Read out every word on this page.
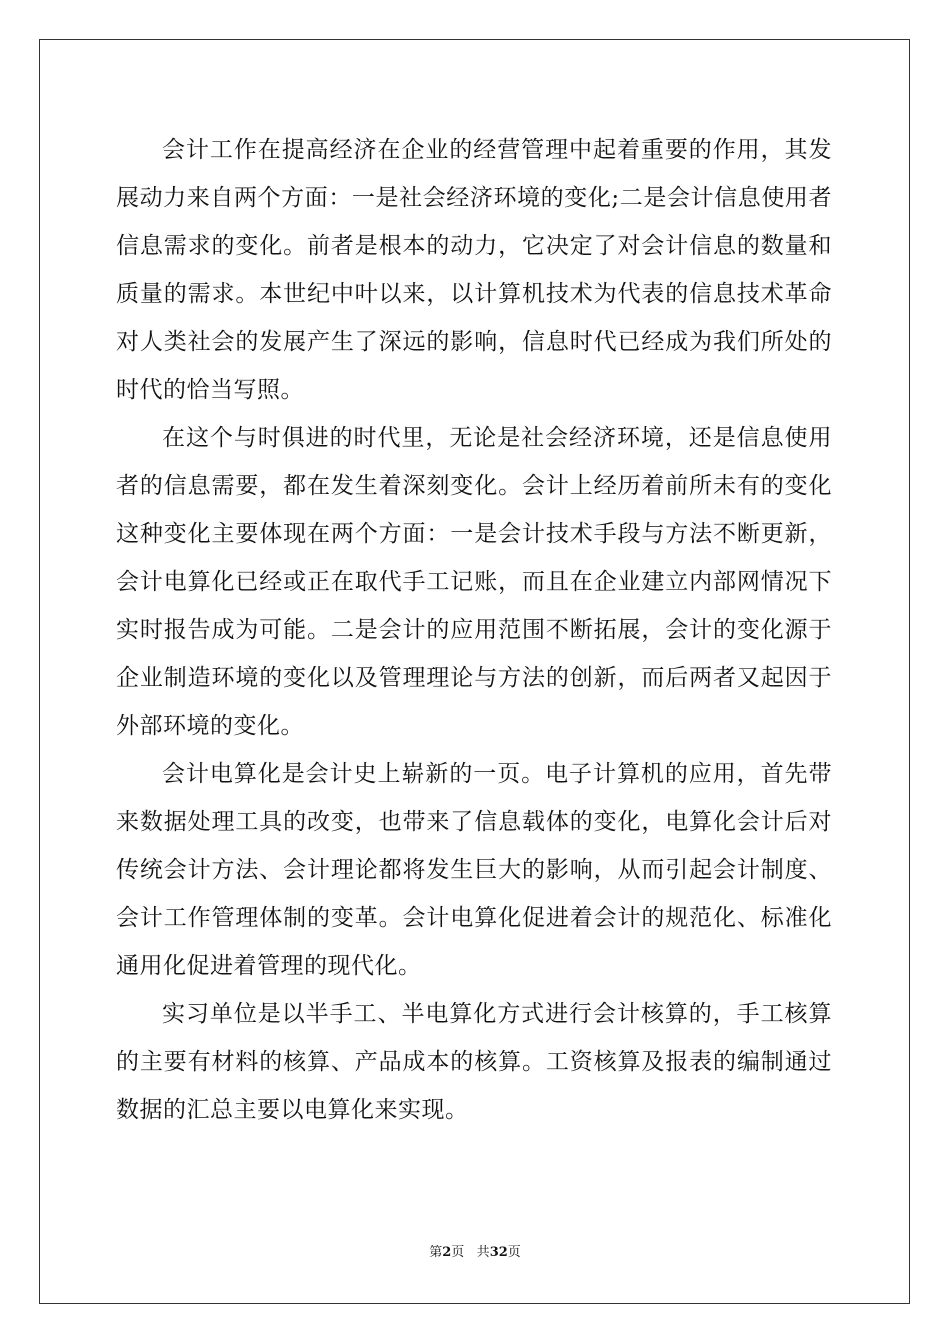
会计工作在提高经济在企业的经营管理中起着重要的作用，其发展动力来自两个方面：一是社会经济环境的变化;二是会计信息使用者信息需求的变化。前者是根本的动力，它决定了对会计信息的数量和质量的需求。本世纪中叶以来，以计算机技术为代表的信息技术革命对人类社会的发展产生了深远的影响，信息时代已经成为我们所处的时代的恰当写照。

在这个与时俱进的时代里，无论是社会经济环境，还是信息使用者的信息需要，都在发生着深刻变化。会计上经历着前所未有的变化这种变化主要体现在两个方面：一是会计技术手段与方法不断更新，会计电算化已经或正在取代手工记账，而且在企业建立内部网情况下实时报告成为可能。二是会计的应用范围不断拓展，会计的变化源于企业制造环境的变化以及管理理论与方法的创新，而后两者又起因于外部环境的变化。

会计电算化是会计史上崭新的一页。电子计算机的应用，首先带来数据处理工具的改变，也带来了信息载体的变化，电算化会计后对传统会计方法、会计理论都将发生巨大的影响，从而引起会计制度、会计工作管理体制的变革。会计电算化促进着会计的规范化、标准化通用化促进着管理的现代化。

实习单位是以半手工、半电算化方式进行会计核算的，手工核算的主要有材料的核算、产品成本的核算。工资核算及报表的编制通过数据的汇总主要以电算化来实现。

第2页 共32页
